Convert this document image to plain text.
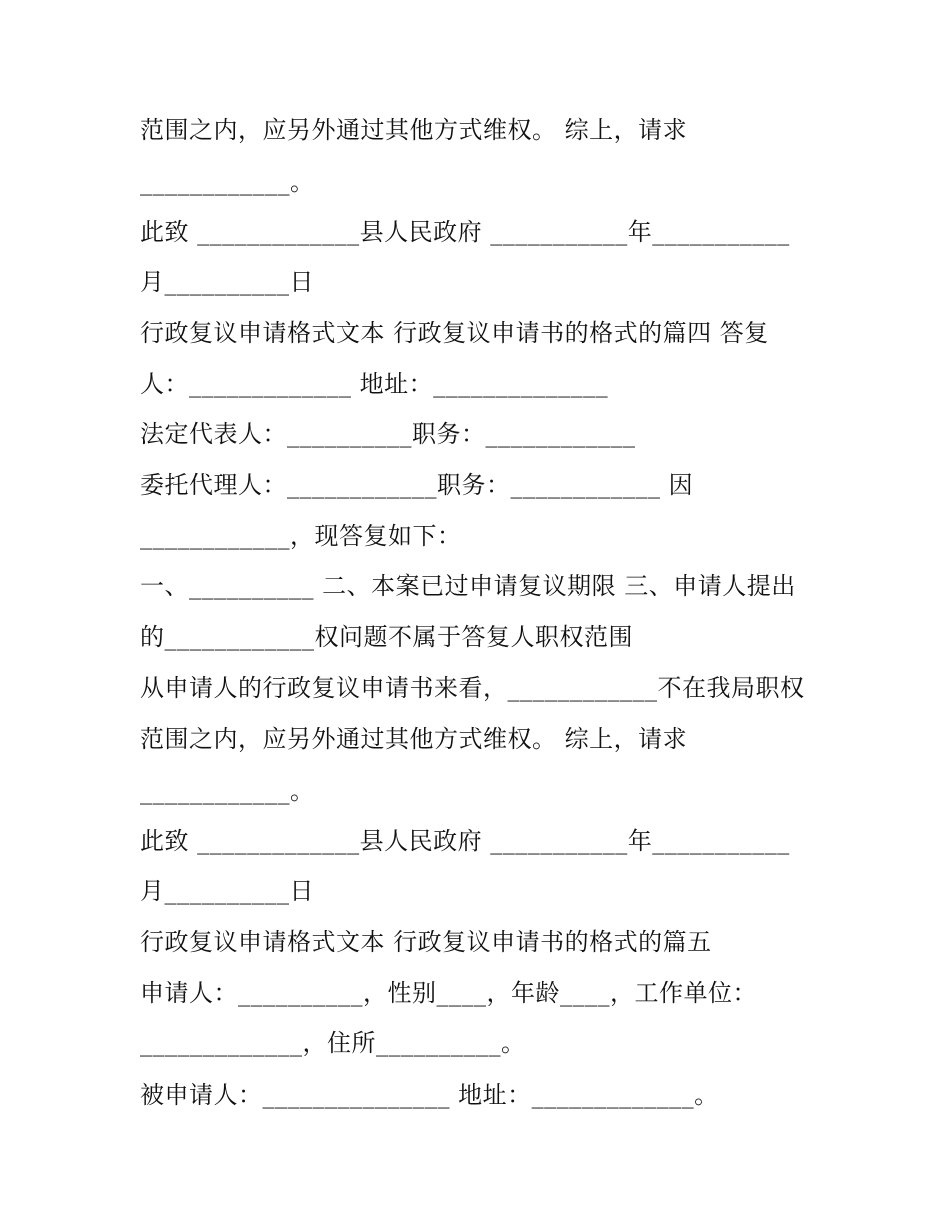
范围之内，应另外通过其他方式维权。 综上，请求
____________。
此致 _____________县人民政府 ___________年___________
月__________日
行政复议申请格式文本 行政复议申请书的格式的篇四 答复
人：_____________ 地址：______________
法定代表人：__________职务：____________
委托代理人：____________职务：____________ 因
____________，现答复如下：
一、__________ 二、本案已过申请复议期限 三、申请人提出
的____________权问题不属于答复人职权范围
从申请人的行政复议申请书来看，____________不在我局职权
范围之内，应另外通过其他方式维权。 综上，请求
____________。
此致 _____________县人民政府 ___________年___________
月__________日
行政复议申请格式文本 行政复议申请书的格式的篇五
申请人：__________，性别____，年龄____，工作单位：
_____________，住所__________。
被申请人：_______________ 地址：_____________。
